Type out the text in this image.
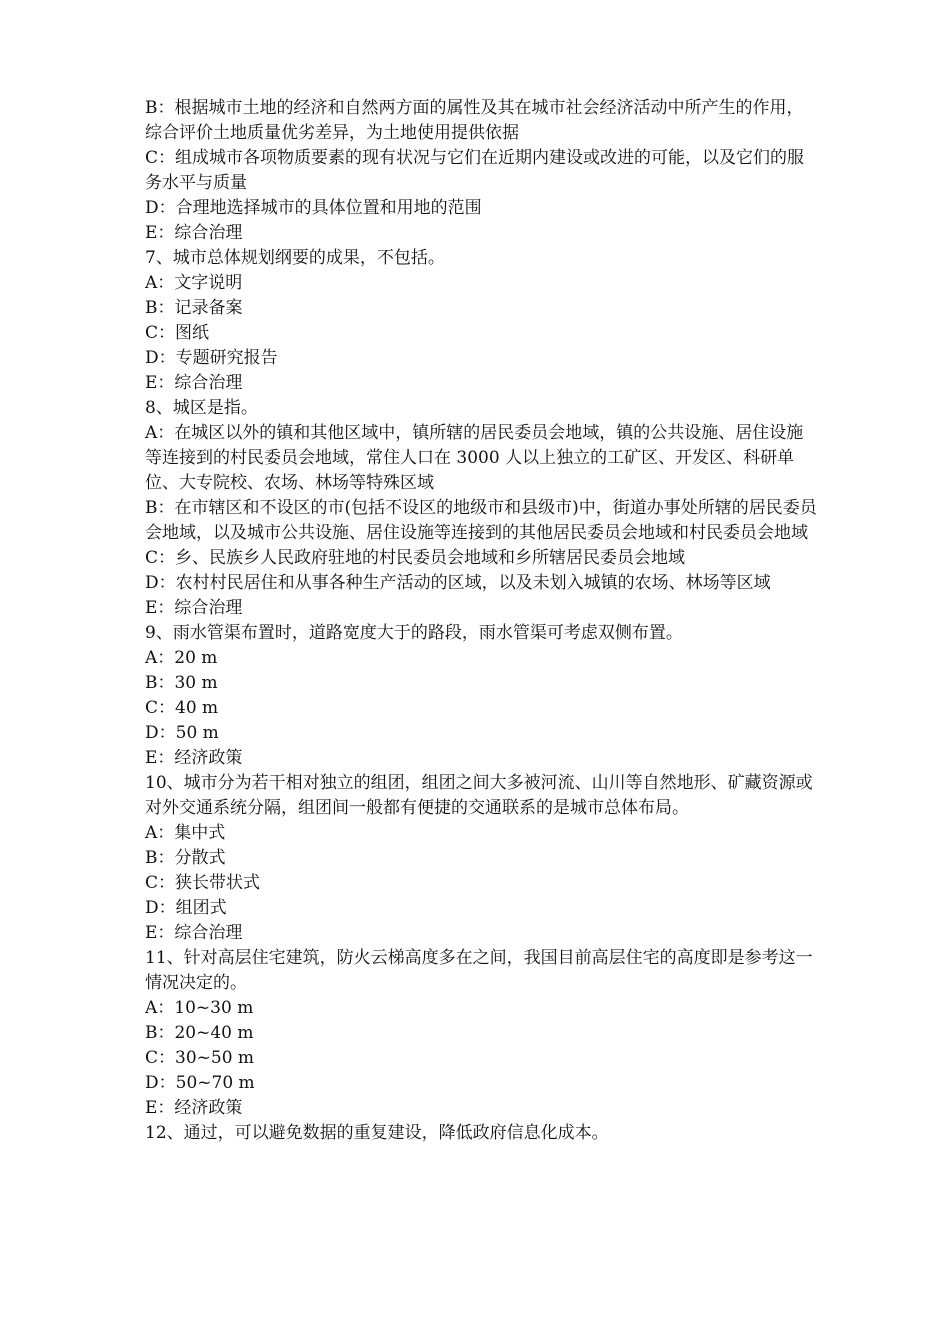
B：根据城市土地的经济和自然两方面的属性及其在城市社会经济活动中所产生的作用，综合评价土地质量优劣差异，为土地使用提供依据

C：组成城市各项物质要素的现有状况与它们在近期内建设或改进的可能，以及它们的服务水平与质量

D：合理地选择城市的具体位置和用地的范围

E：综合治理

7、城市总体规划纲要的成果，不包括。

A：文字说明

B：记录备案

C：图纸

D：专题研究报告

E：综合治理

8、城区是指。

A：在城区以外的镇和其他区域中，镇所辖的居民委员会地域，镇的公共设施、居住设施等连接到的村民委员会地域，常住人口在 3000 人以上独立的工矿区、开发区、科研单位、大专院校、农场、林场等特殊区域

B：在市辖区和不设区的市(包括不设区的地级市和县级市)中，街道办事处所辖的居民委员会地域，以及城市公共设施、居住设施等连接到的其他居民委员会地域和村民委员会地域

C：乡、民族乡人民政府驻地的村民委员会地域和乡所辖居民委员会地域

D：农村村民居住和从事各种生产活动的区域，以及未划入城镇的农场、林场等区域

E：综合治理

9、雨水管渠布置时，道路宽度大于的路段，雨水管渠可考虑双侧布置。

A：20 m

B：30 m

C：40 m

D：50 m

E：经济政策

10、城市分为若干相对独立的组团，组团之间大多被河流、山川等自然地形、矿藏资源或对外交通系统分隔，组团间一般都有便捷的交通联系的是城市总体布局。

A：集中式

B：分散式

C：狭长带状式

D：组团式

E：综合治理

11、针对高层住宅建筑，防火云梯高度多在之间，我国目前高层住宅的高度即是参考这一情况决定的。

A：10~30 m

B：20~40 m

C：30~50 m

D：50~70 m

E：经济政策

12、通过，可以避免数据的重复建设，降低政府信息化成本。
